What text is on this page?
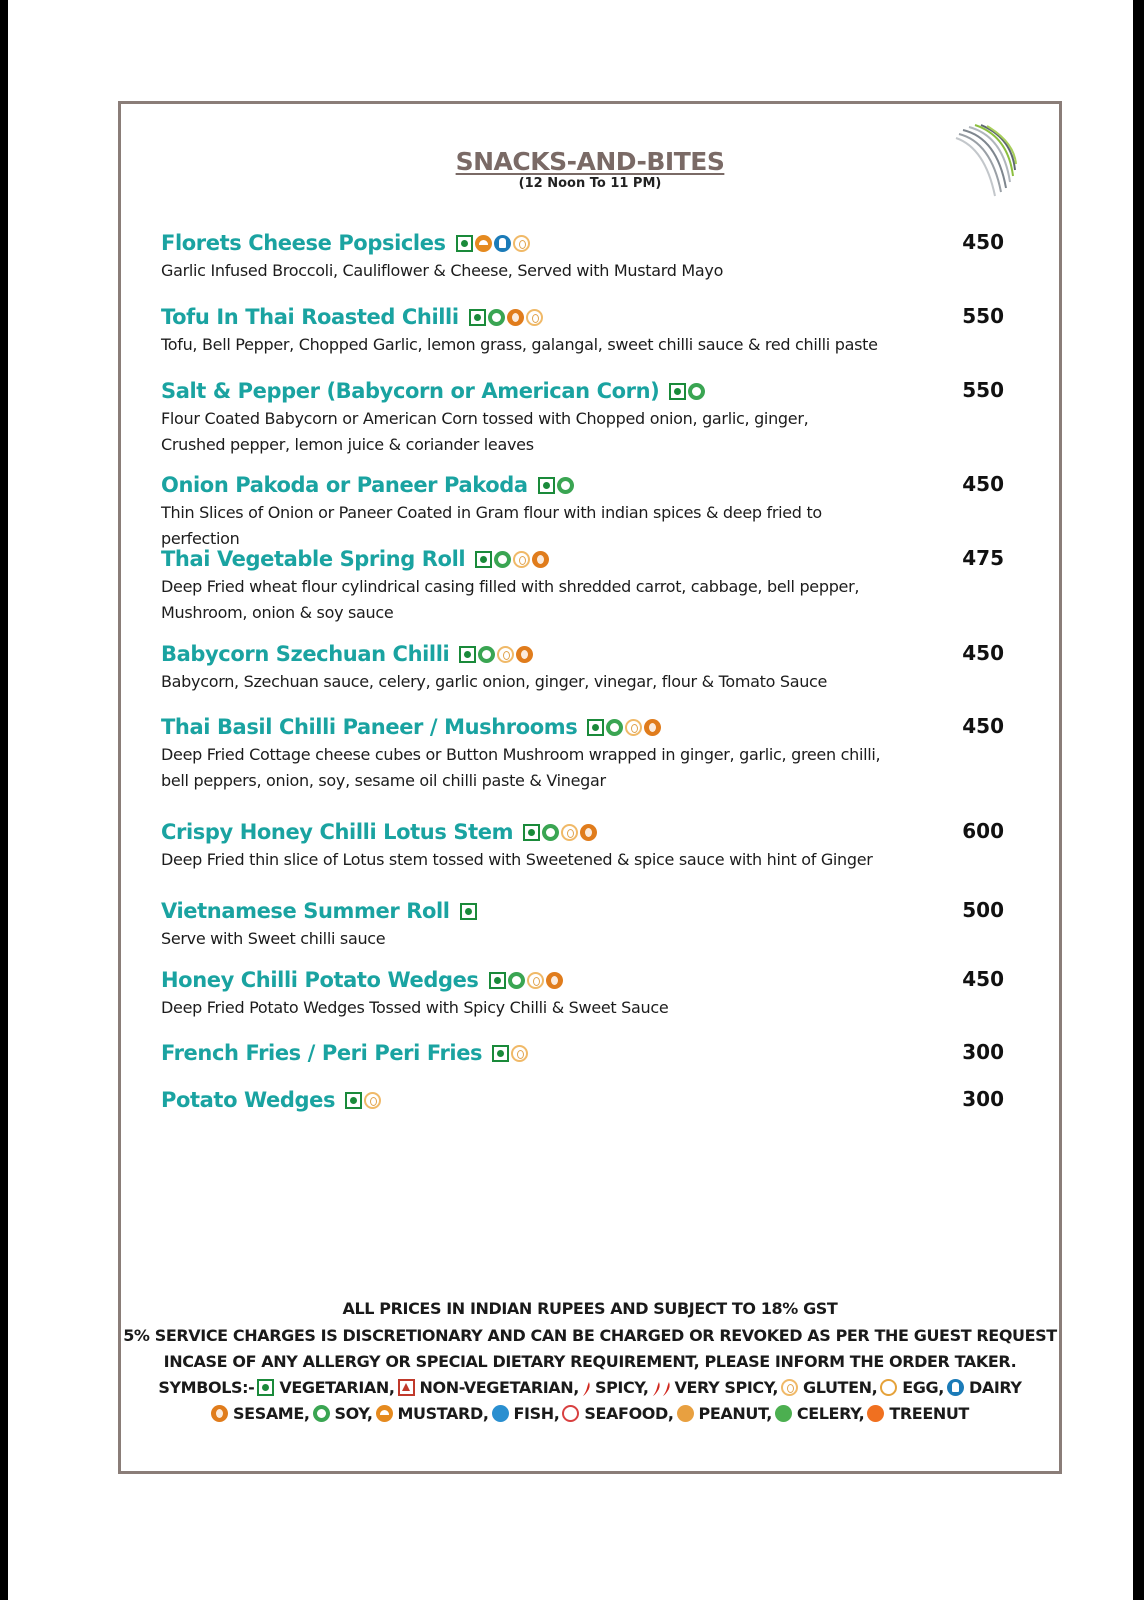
SNACKS-AND-BITES
(12 Noon To 11 PM)
Florets Cheese Popsicles	450
Garlic Infused Broccoli, Cauliflower & Cheese, Served with Mustard Mayo
Tofu In Thai Roasted Chilli	550
Tofu, Bell Pepper, Chopped Garlic, lemon grass, galangal, sweet chilli sauce & red chilli paste
Salt & Pepper (Babycorn or American Corn)	550
Flour Coated Babycorn or American Corn tossed with Chopped onion, garlic, ginger,
Crushed pepper, lemon juice & coriander leaves
Onion Pakoda or Paneer Pakoda	450
Thin Slices of Onion or Paneer Coated in Gram flour with indian spices & deep fried to perfection
Thai Vegetable Spring Roll	475
Deep Fried wheat flour cylindrical casing filled with shredded carrot, cabbage, bell pepper,
Mushroom, onion & soy sauce
Babycorn Szechuan Chilli	450
Babycorn, Szechuan sauce, celery, garlic onion, ginger, vinegar, flour & Tomato Sauce
Thai Basil Chilli Paneer / Mushrooms	450
Deep Fried Cottage cheese cubes or Button Mushroom wrapped in ginger, garlic, green chilli,
bell peppers, onion, soy, sesame oil chilli paste & Vinegar
Crispy Honey Chilli Lotus Stem	600
Deep Fried thin slice of Lotus stem tossed with Sweetened & spice sauce with hint of Ginger
Vietnamese Summer Roll	500
Serve with Sweet chilli sauce
Honey Chilli Potato Wedges	450
Deep Fried Potato Wedges Tossed with Spicy Chilli & Sweet Sauce
French Fries / Peri Peri Fries	300
Potato Wedges	300
ALL PRICES IN INDIAN RUPEES AND SUBJECT TO 18% GST
5% SERVICE CHARGES IS DISCRETIONARY AND CAN BE CHARGED OR REVOKED AS PER THE GUEST REQUEST
INCASE OF ANY ALLERGY OR SPECIAL DIETARY REQUIREMENT, PLEASE INFORM THE ORDER TAKER.
SYMBOLS:- VEGETARIAN, NON-VEGETARIAN, SPICY, VERY SPICY, GLUTEN, EGG, DAIRY
SESAME, SOY, MUSTARD, FISH, SEAFOOD, PEANUT, CELERY, TREENUT
